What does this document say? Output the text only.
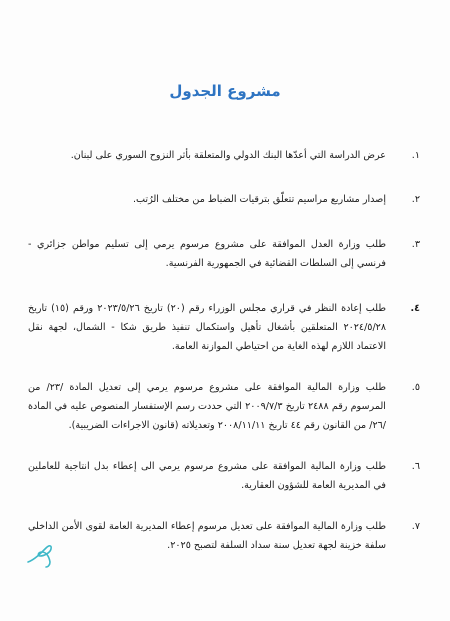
مشروع الجدول
١.
عرض الدراسة التي أعدّها البنك الدولي والمتعلقة بأثر النزوح السوري على لبنان.
٢.
إصدار مشاريع مراسيم تتعلّق بترقيات الضباط من مختلف الرُتب.
٣.
طلب وزارة العدل الموافقة على مشروع مرسوم يرمي إلى تسليم مواطن جزائري - فرنسي إلى السلطات القضائية في الجمهورية الفرنسية.
٤.
طلب إعادة النظر في قراري مجلس الوزراء رقم (٢٠) تاريخ ٢٠٢٣/٥/٢٦ ورقم (١٥) تاريخ ٢٠٢٤/٥/٢٨ المتعلقين بأشغال تأهيل واستكمال تنفيذ طريق شكا - الشمال، لجهة نقل الاعتماد اللازم لهذه الغاية من احتياطي الموازنة العامة.
٥.
طلب وزارة المالية الموافقة على مشروع مرسوم يرمي إلى تعديل المادة /٢٣/ من المرسوم رقم ٢٤٨٨ تاريخ ٢٠٠٩/٧/٣ التي حددت رسم الإستفسار المنصوص عليه في المادة /٢٦/ من القانون رقم ٤٤ تاريخ ٢٠٠٨/١١/١١ وتعديلاته (قانون الاجراءات الضريبية).
٦.
طلب وزارة المالية الموافقة على مشروع مرسوم يرمي الى إعطاء بدل انتاجية للعاملين في المديرية العامة للشؤون العقارية.
٧.
طلب وزارة المالية الموافقة على تعديل مرسوم إعطاء المديرية العامة لقوى الأمن الداخلي سلفة خزينة لجهة تعديل سنة سداد السلفة لتصبح ٢٠٢٥.
